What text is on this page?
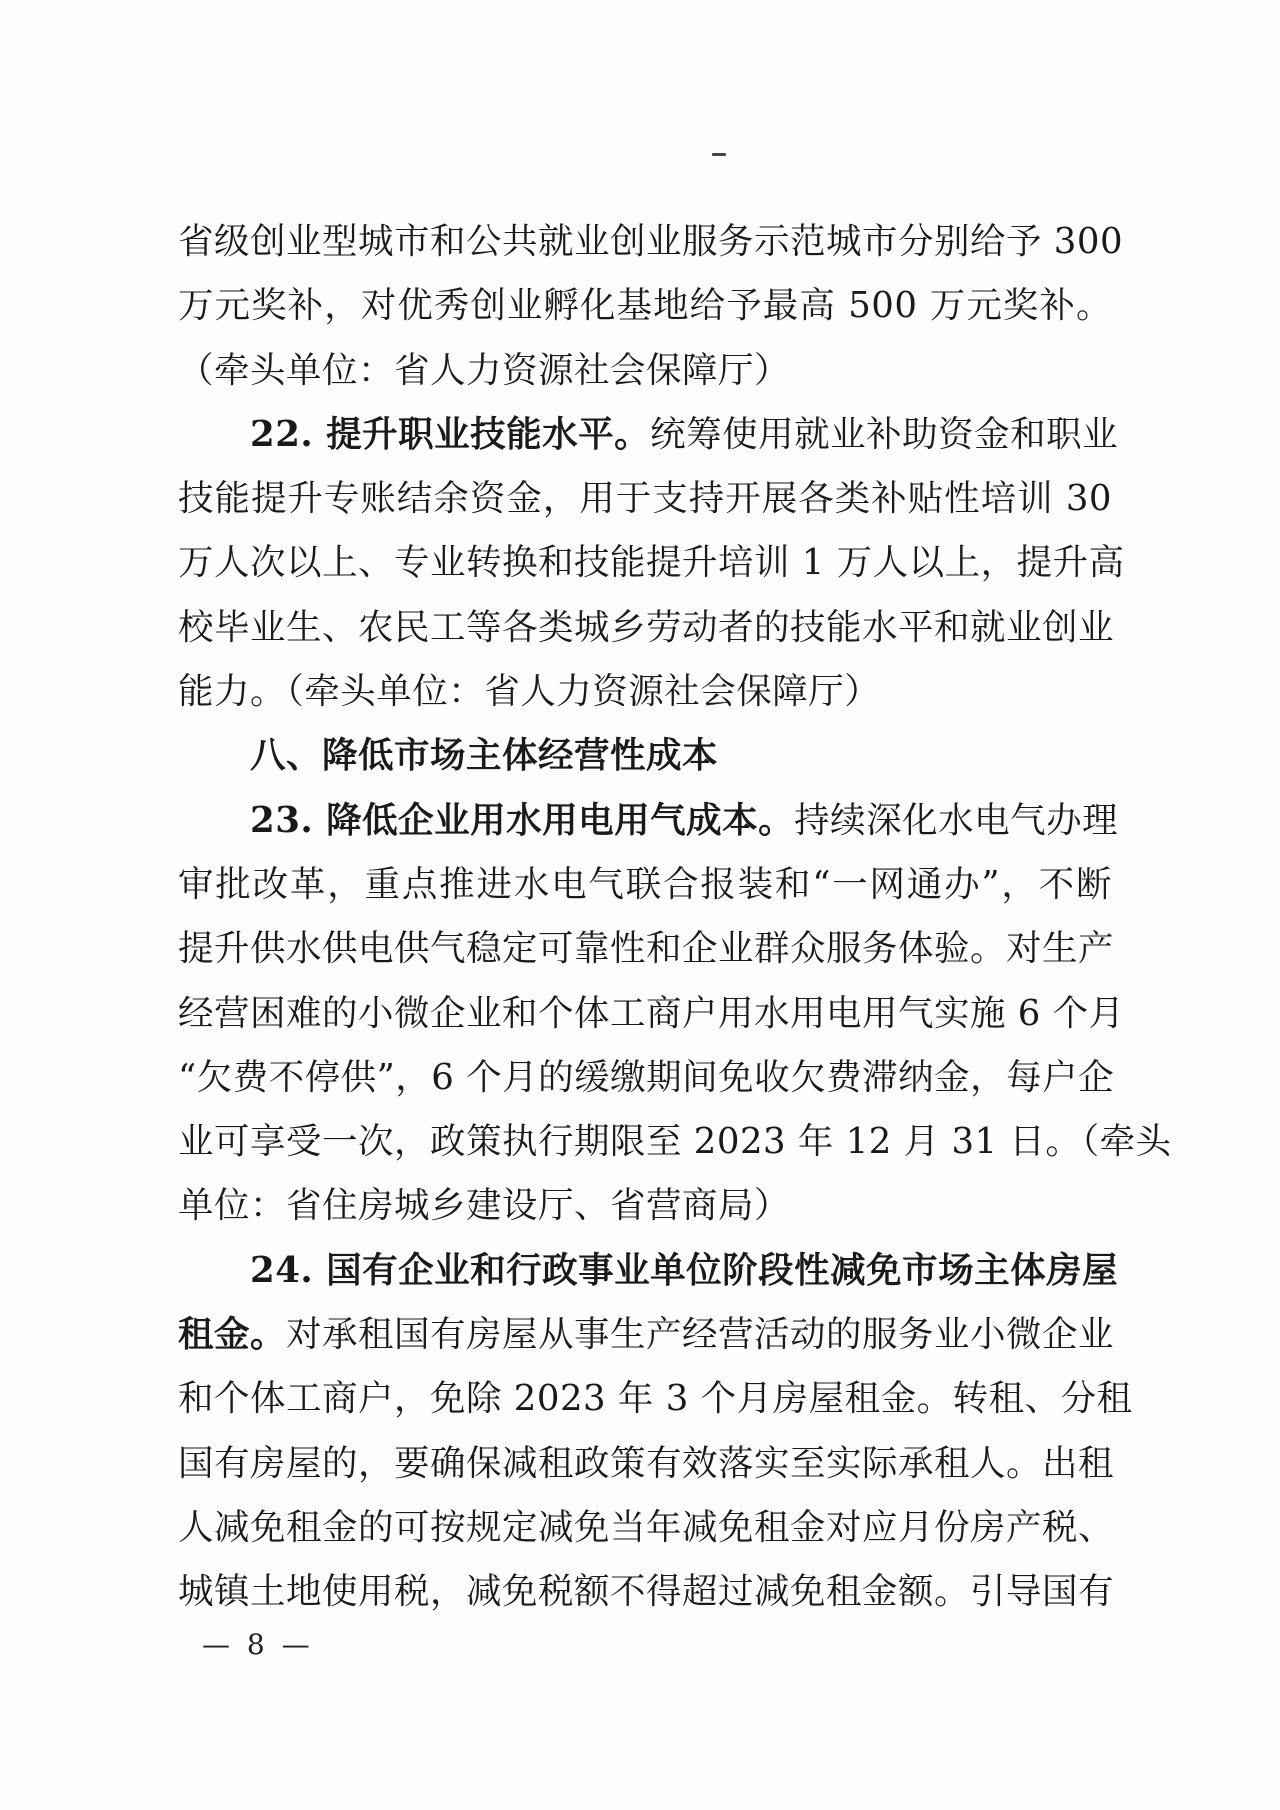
省级创业型城市和公共就业创业服务示范城市分别给予 300
万元奖补，对优秀创业孵化基地给予最高 500 万元奖补。
（牵头单位：省人力资源社会保障厅）
  22. 提升职业技能水平。统筹使用就业补助资金和职业
技能提升专账结余资金，用于支持开展各类补贴性培训 30
万人次以上、专业转换和技能提升培训 1 万人以上，提升高
校毕业生、农民工等各类城乡劳动者的技能水平和就业创业
能力。（牵头单位：省人力资源社会保障厅）
  八、降低市场主体经营性成本
  23. 降低企业用水用电用气成本。持续深化水电气办理
审批改革，重点推进水电气联合报装和“一网通办”，不断
提升供水供电供气稳定可靠性和企业群众服务体验。对生产
经营困难的小微企业和个体工商户用水用电用气实施 6 个月
“欠费不停供”，6 个月的缓缴期间免收欠费滞纳金，每户企
业可享受一次，政策执行期限至 2023 年 12 月 31 日。（牵头
单位：省住房城乡建设厅、省营商局）
  24. 国有企业和行政事业单位阶段性减免市场主体房屋
租金。对承租国有房屋从事生产经营活动的服务业小微企业
和个体工商户，免除 2023 年 3 个月房屋租金。转租、分租
国有房屋的，要确保减租政策有效落实至实际承租人。出租
人减免租金的可按规定减免当年减免租金对应月份房产税、
城镇土地使用税，减免税额不得超过减免租金额。引导国有
— 8 —
